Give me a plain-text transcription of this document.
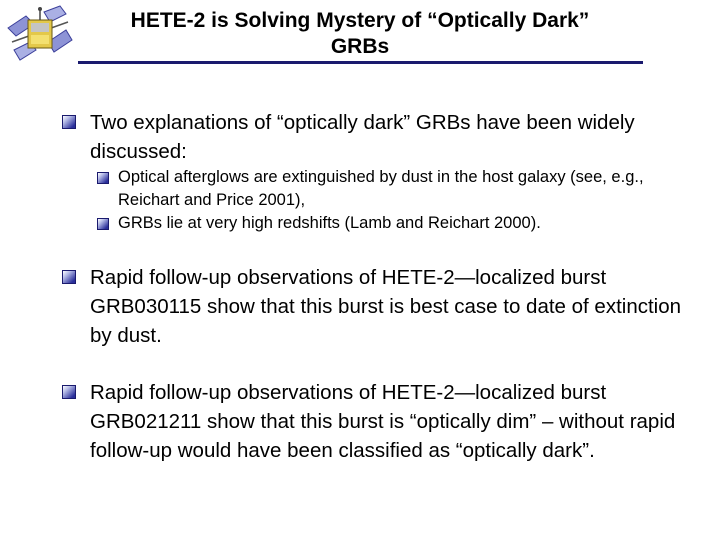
HETE-2 is Solving Mystery of “Optically Dark”
GRBs
Two explanations of “optically dark” GRBs have been widely discussed:
Optical afterglows are extinguished by dust in the host galaxy (see, e.g., Reichart and Price 2001),
GRBs lie at very high redshifts (Lamb and Reichart 2000).
Rapid follow-up observations of HETE-2—localized burst GRB030115 show that this burst is best case to date of extinction by dust.
Rapid follow-up observations of HETE-2—localized burst GRB021211 show that this burst is “optically dim” – without rapid follow-up would have been classified as “optically dark”.
